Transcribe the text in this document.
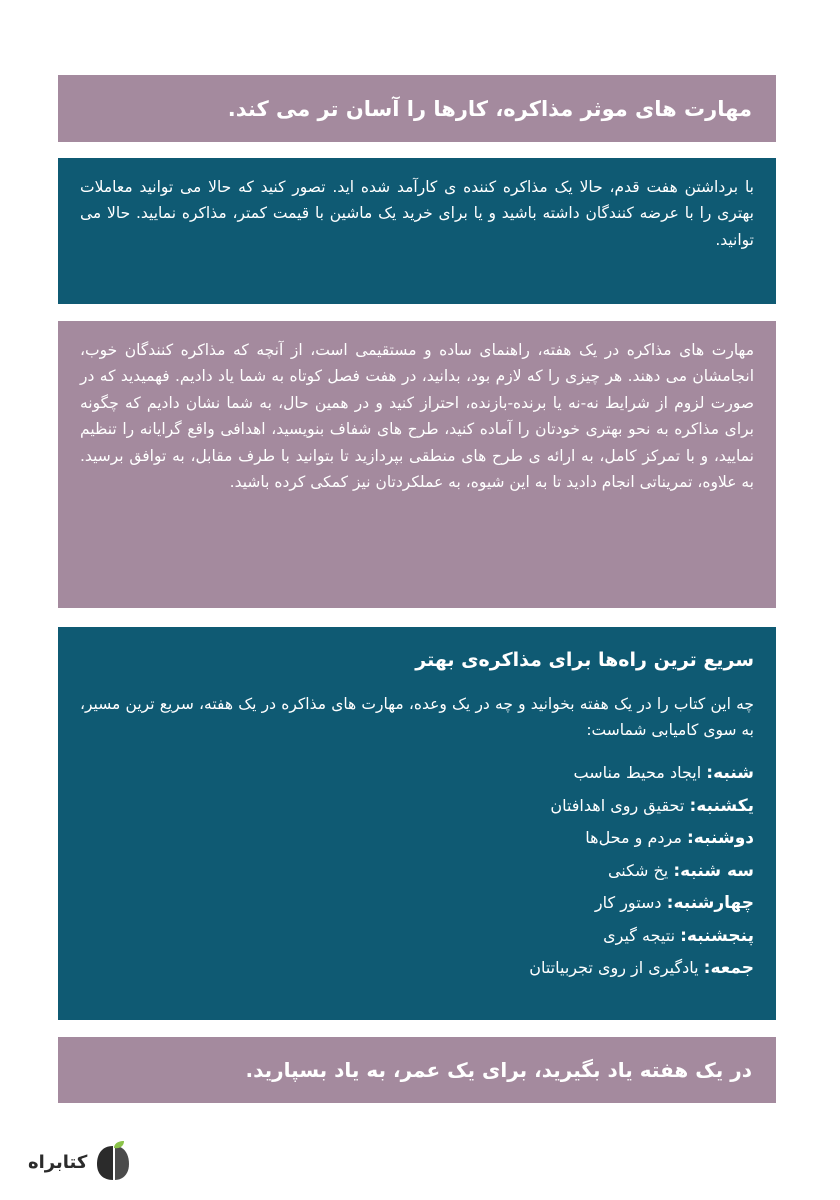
مهارت های موثر مذاکره، کارها را آسان تر می کند.

با برداشتن هفت قدم، حالا یک مذاکره کننده ی کارآمد شده اید. تصور کنید که حالا می توانید معاملات بهتری را با عرضه کنندگان داشته باشید و یا برای خرید یک ماشین با قیمت کمتر، مذاکره نمایید. حالا می توانید.

مهارت های مذاکره در یک هفته، راهنمای ساده و مستقیمی است، از آنچه که مذاکره کنندگان خوب، انجامشان می دهند. هر چیزی را که لازم بود، بدانید، در هفت فصل کوتاه به شما یاد دادیم. فهمیدید که در صورت لزوم از شرایط نه-نه یا برنده-بازنده، احتراز کنید و در همین حال، به شما نشان دادیم که چگونه برای مذاکره به نحو بهتری خودتان را آماده کنید، طرح های شفاف بنویسید، اهدافی واقع گرایانه را تنظیم نمایید، و با تمرکز کامل، به ارائه ی طرح های منطقی بپردازید تا بتوانید با طرف مقابل، به توافق برسید. به علاوه، تمریناتی انجام دادید تا به این شیوه، به عملکردتان نیز کمکی کرده باشید.

سریع ترین راه‌ها برای مذاکره‌ی بهتر

چه این کتاب را در یک هفته بخوانید و چه در یک وعده، مهارت های مذاکره در یک هفته، سریع ترین مسیر، به سوی کامیابی شماست:

شنبه: ایجاد محیط مناسب
یکشنبه: تحقیق روی اهدافتان
دوشنبه: مردم و محل‌ها
سه شنبه: یخ شکنی
چهارشنبه: دستور کار
پنجشنبه: نتیجه گیری
جمعه: یادگیری از روی تجربیاتتان
در یک هفته یاد بگیرید، برای یک عمر، به یاد بسپارید.
کتابراه
